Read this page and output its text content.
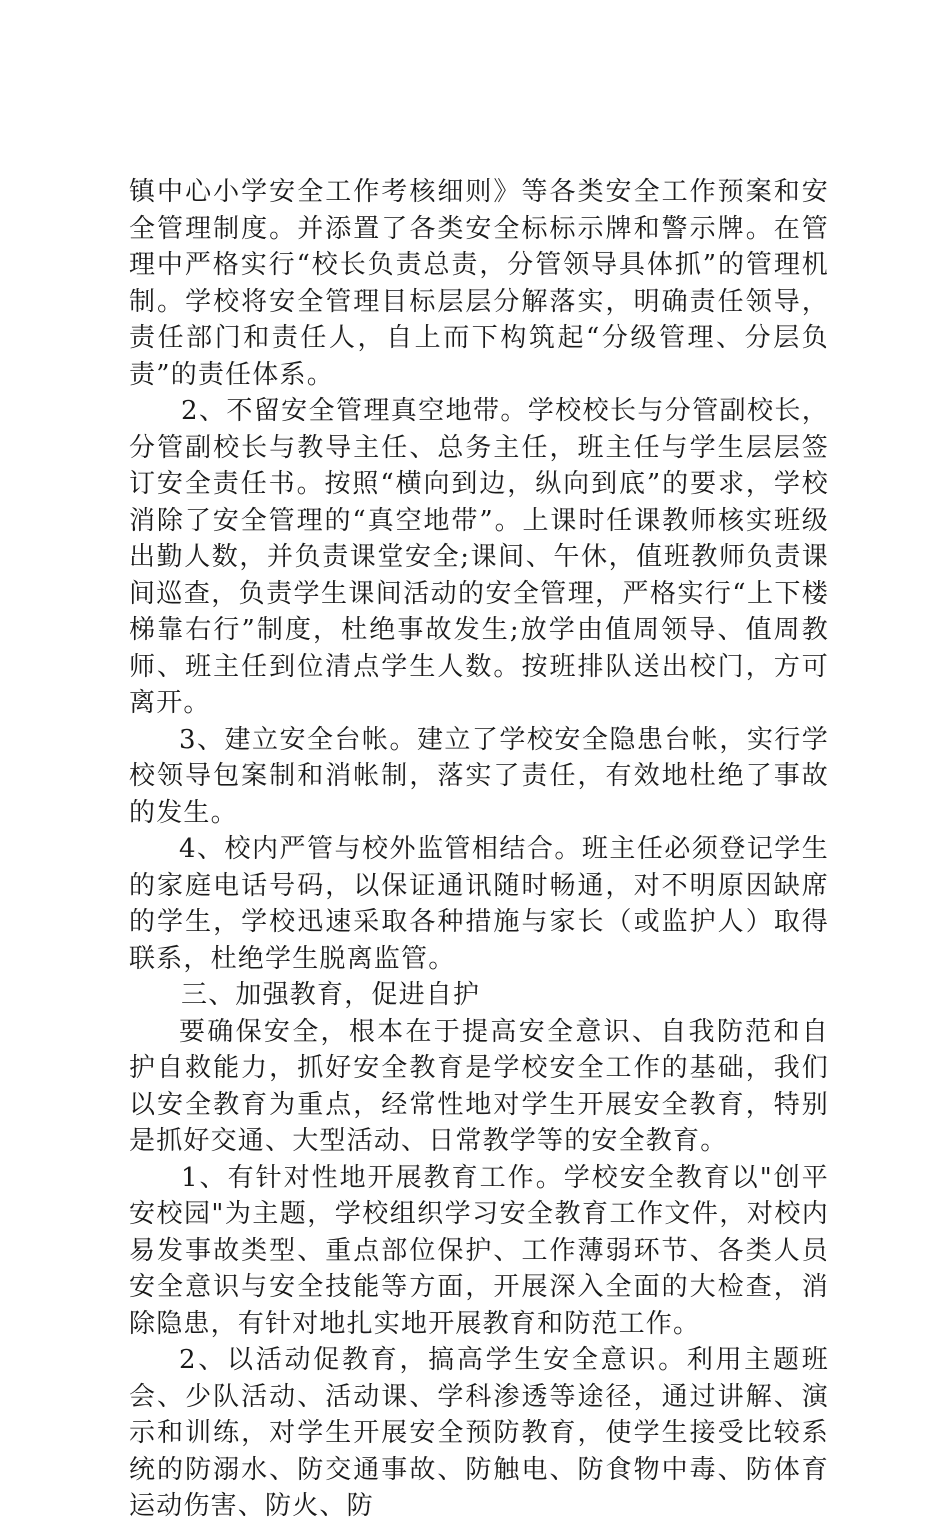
镇中心小学安全工作考核细则》等各类安全工作预案和安全管理制度。并添置了各类安全标标示牌和警示牌。在管理中严格实行“校长负责总责，分管领导具体抓”的管理机制。学校将安全管理目标层层分解落实，明确责任领导，责任部门和责任人，自上而下构筑起“分级管理、分层负责”的责任体系。

2、不留安全管理真空地带。学校校长与分管副校长，分管副校长与教导主任、总务主任，班主任与学生层层签订安全责任书。按照“横向到边，纵向到底”的要求，学校消除了安全管理的“真空地带”。上课时任课教师核实班级出勤人数，并负责课堂安全;课间、午休，值班教师负责课间巡查，负责学生课间活动的安全管理，严格实行“上下楼梯靠右行”制度，杜绝事故发生;放学由值周领导、值周教师、班主任到位清点学生人数。按班排队送出校门，方可离开。

3、建立安全台帐。建立了学校安全隐患台帐，实行学校领导包案制和消帐制，落实了责任，有效地杜绝了事故的发生。

4、校内严管与校外监管相结合。班主任必须登记学生的家庭电话号码，以保证通讯随时畅通，对不明原因缺席的学生，学校迅速采取各种措施与家长（或监护人）取得联系，杜绝学生脱离监管。

三、加强教育，促进自护

要确保安全，根本在于提高安全意识、自我防范和自护自救能力，抓好安全教育是学校安全工作的基础，我们以安全教育为重点，经常性地对学生开展安全教育，特别是抓好交通、大型活动、日常教学等的安全教育。

1、有针对性地开展教育工作。学校安全教育以"创平安校园"为主题，学校组织学习安全教育工作文件，对校内易发事故类型、重点部位保护、工作薄弱环节、各类人员安全意识与安全技能等方面，开展深入全面的大检查，消除隐患，有针对地扎实地开展教育和防范工作。

2、以活动促教育，搞高学生安全意识。利用主题班会、少队活动、活动课、学科渗透等途径，通过讲解、演示和训练，对学生开展安全预防教育，使学生接受比较系统的防溺水、防交通事故、防触电、防食物中毒、防体育运动伤害、防火、防
